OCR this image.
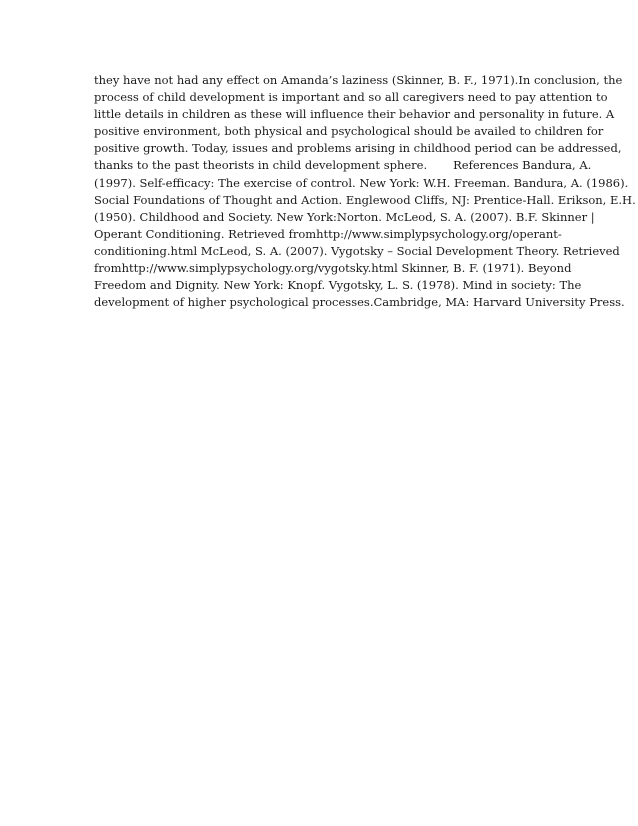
they have not had any effect on Amanda’s laziness (Skinner, B. F., 1971).In conclusion, the
process of child development is important and so all caregivers need to pay attention to
little details in children as these will influence their behavior and personality in future. A
positive environment, both physical and psychological should be availed to children for
positive growth. Today, issues and problems arising in childhood period can be addressed,
thanks to the past theorists in child development sphere. References Bandura, A.
(1997). Self-efficacy: The exercise of control. New York: W.H. Freeman. Bandura, A. (1986).
Social Foundations of Thought and Action. Englewood Cliffs, NJ: Prentice-Hall. Erikson, E.H.
(1950). Childhood and Society. New York:Norton. McLeod, S. A. (2007). B.F. Skinner |
Operant Conditioning. Retrieved fromhttp://www.simplypsychology.org/operant-
conditioning.html McLeod, S. A. (2007). Vygotsky – Social Development Theory. Retrieved
fromhttp://www.simplypsychology.org/vygotsky.html Skinner, B. F. (1971). Beyond
Freedom and Dignity. New York: Knopf. Vygotsky, L. S. (1978). Mind in society: The
development of higher psychological processes.Cambridge, MA: Harvard University Press.
